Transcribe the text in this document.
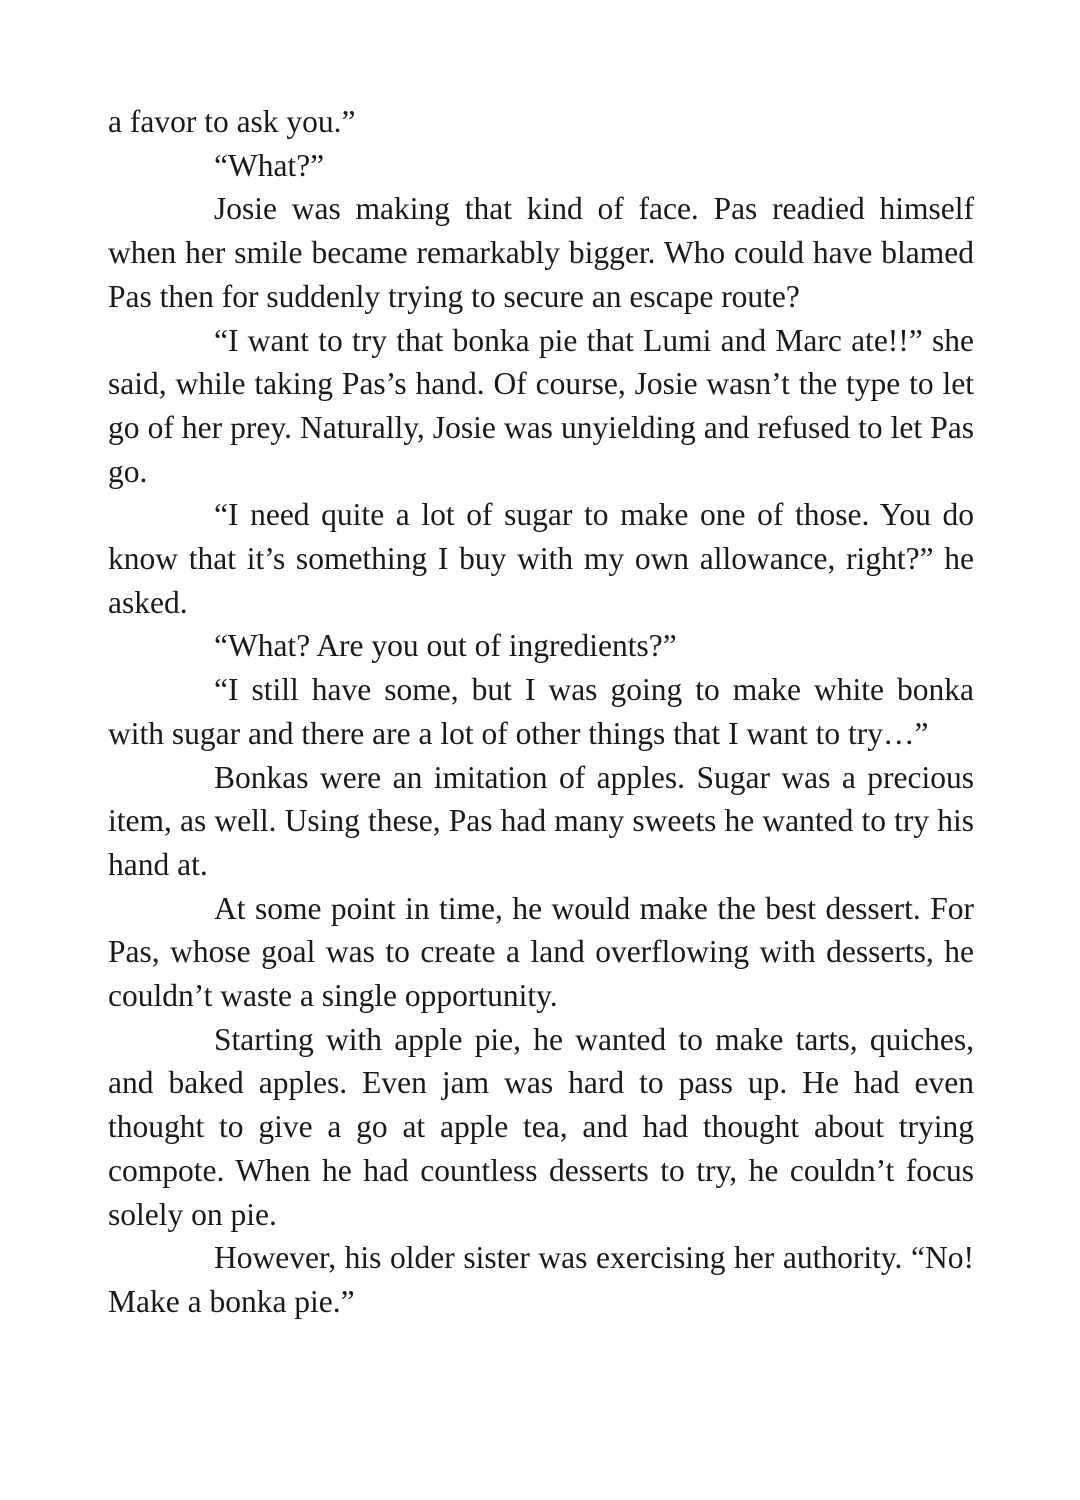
a favor to ask you.”

“What?”

Josie was making that kind of face. Pas readied himself when her smile became remarkably bigger. Who could have blamed Pas then for suddenly trying to secure an escape route?

“I want to try that bonka pie that Lumi and Marc ate!!” she said, while taking Pas’s hand. Of course, Josie wasn’t the type to let go of her prey. Naturally, Josie was unyielding and refused to let Pas go.

“I need quite a lot of sugar to make one of those. You do know that it’s something I buy with my own allowance, right?” he asked.

“What? Are you out of ingredients?”

“I still have some, but I was going to make white bonka with sugar and there are a lot of other things that I want to try…”

Bonkas were an imitation of apples. Sugar was a precious item, as well. Using these, Pas had many sweets he wanted to try his hand at.

At some point in time, he would make the best dessert. For Pas, whose goal was to create a land overflowing with desserts, he couldn’t waste a single opportunity.

Starting with apple pie, he wanted to make tarts, quiches, and baked apples. Even jam was hard to pass up. He had even thought to give a go at apple tea, and had thought about trying compote. When he had countless desserts to try, he couldn’t focus solely on pie.

However, his older sister was exercising her authority. “No! Make a bonka pie.”
